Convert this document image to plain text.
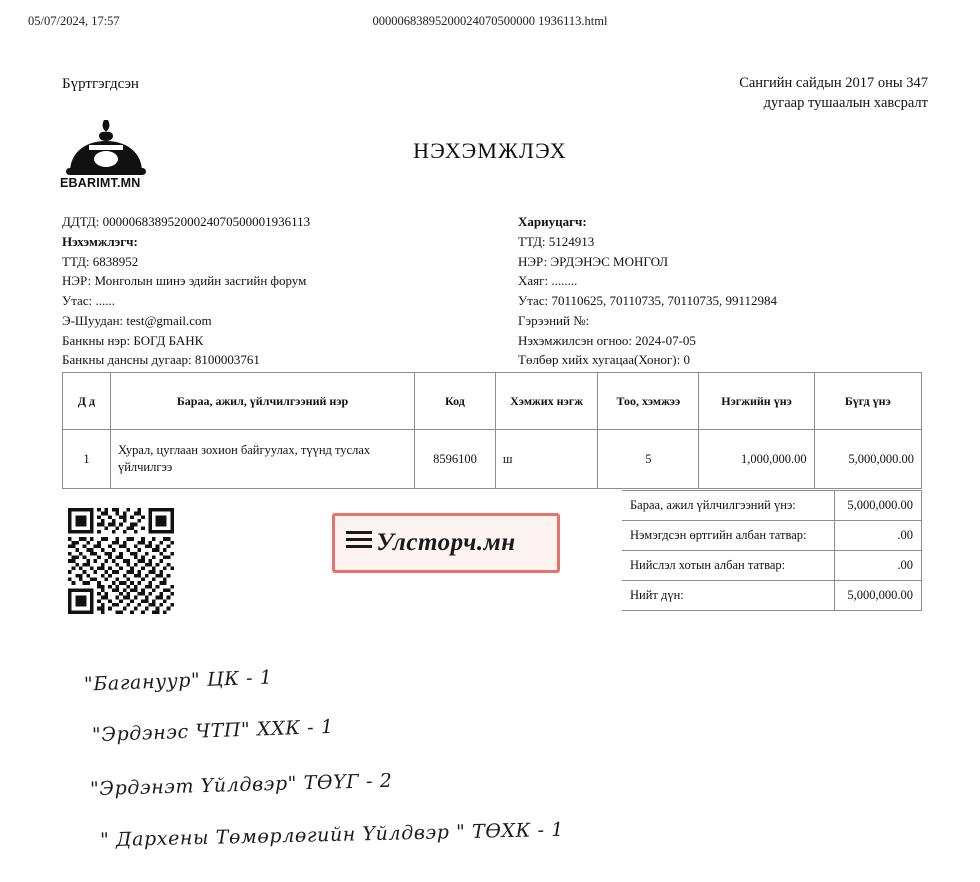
05/07/2024, 17:57	00000683895200024070500000 1936113.html
Бүртгэгдсэн	Сангийн сайдын 2017 оны 347
дугаар тушаалын хавсралт
EBARIMT.MN
НЭХЭМЖЛЭХ
ДДТД: 00000683895200024070500001936113
Нэхэмжлэгч:
ТТД: 6838952
НЭР: Монголын шинэ эдийн засгийн форум
Утас: ......
Э-Шуудан: test@gmail.com
Банкны нэр: БОГД БАНК
Банкны дансны дугаар: 8100003761
Хариуцагч:
ТТД: 5124913
НЭР: ЭРДЭНЭС МОНГОЛ
Хаяг: ........
Утас: 70110625, 70110735, 70110735, 99112984
Гэрээний №:
Нэхэмжилсэн огноо: 2024-07-05
Төлбөр хийх хугацаа(Хоног): 0
Д д	Бараа, ажил, үйлчилгээний нэр	Код	Хэмжих нэгж	Тоо, хэмжээ	Нэгжийн үнэ	Бүгд үнэ
1	Хурал, цуглаан зохион байгуулах, түүнд туслах үйлчилгээ	8596100	ш	5	1,000,000.00	5,000,000.00
Улсторч.мн
Бараа, ажил үйлчилгээний үнэ:	5,000,000.00
Нэмэгдсэн өртгийн албан татвар:	.00
Нийслэл хотын албан татвар:	.00
Нийт дүн:	5,000,000.00
"Баганууp" ЦК - 1
"Эрдэнэс ЧТП" ХХК - 1
"Эрдэнэт Үйлдвэр" ТӨҮГ - 2
" Дархены Төмөрлөгийн Үйлдвэр " ТӨХК - 1
